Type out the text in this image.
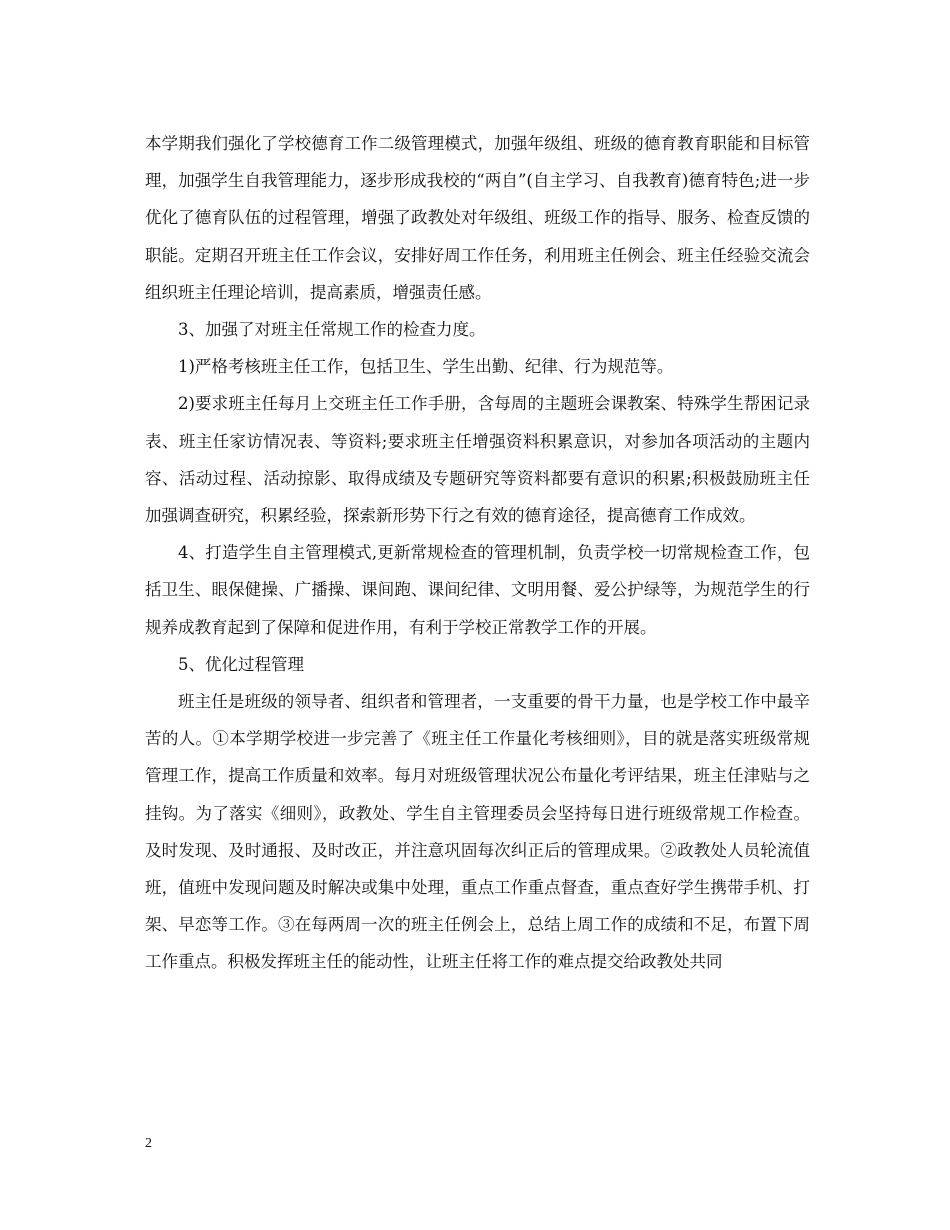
本学期我们强化了学校德育工作二级管理模式，加强年级组、班级的德育教育职能和目标管理，加强学生自我管理能力，逐步形成我校的“两自”(自主学习、自我教育)德育特色;进一步优化了德育队伍的过程管理，增强了政教处对年级组、班级工作的指导、服务、检查反馈的职能。定期召开班主任工作会议，安排好周工作任务，利用班主任例会、班主任经验交流会组织班主任理论培训，提高素质，增强责任感。

3、加强了对班主任常规工作的检查力度。

1)严格考核班主任工作，包括卫生、学生出勤、纪律、行为规范等。

2)要求班主任每月上交班主任工作手册，含每周的主题班会课教案、特殊学生帮困记录表、班主任家访情况表、等资料;要求班主任增强资料积累意识，对参加各项活动的主题内容、活动过程、活动掠影、取得成绩及专题研究等资料都要有意识的积累;积极鼓励班主任加强调查研究，积累经验，探索新形势下行之有效的德育途径，提高德育工作成效。

4、打造学生自主管理模式,更新常规检查的管理机制，负责学校一切常规检查工作，包括卫生、眼保健操、广播操、课间跑、课间纪律、文明用餐、爱公护绿等，为规范学生的行规养成教育起到了保障和促进作用，有利于学校正常教学工作的开展。

5、优化过程管理

班主任是班级的领导者、组织者和管理者，一支重要的骨干力量，也是学校工作中最辛苦的人。①本学期学校进一步完善了《班主任工作量化考核细则》，目的就是落实班级常规管理工作，提高工作质量和效率。每月对班级管理状况公布量化考评结果，班主任津贴与之挂钩。为了落实《细则》，政教处、学生自主管理委员会坚持每日进行班级常规工作检查。及时发现、及时通报、及时改正，并注意巩固每次纠正后的管理成果。②政教处人员轮流值班，值班中发现问题及时解决或集中处理，重点工作重点督查，重点查好学生携带手机、打架、早恋等工作。③在每两周一次的班主任例会上，总结上周工作的成绩和不足，布置下周工作重点。积极发挥班主任的能动性，让班主任将工作的难点提交给政教处共同

2
